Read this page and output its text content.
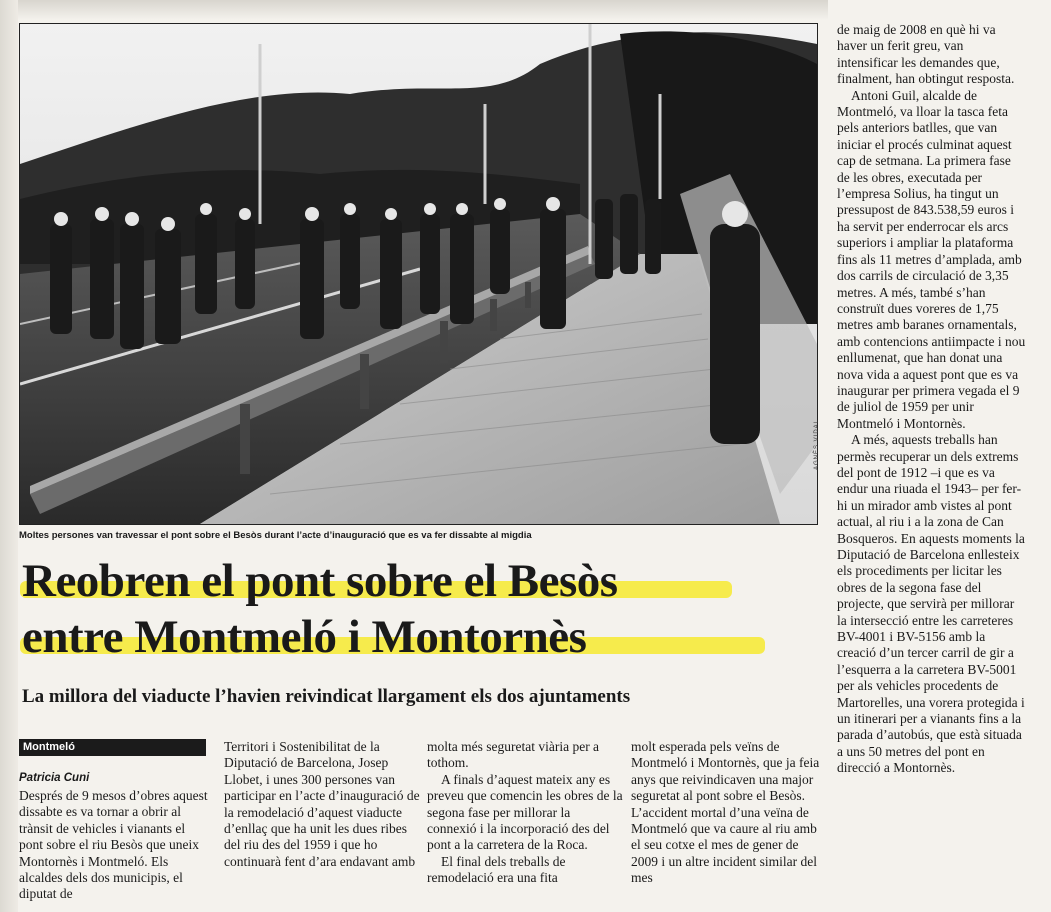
AGNÈS VIDAL
Moltes persones van travessar el pont sobre el Besòs durant l’acte d’inauguració que es va fer dissabte al migdia
Reobren el pont sobre el Besòs
entre Montmeló i Montornès
La millora del viaducte l’havien reivindicat llargament els dos ajuntaments
Montmeló
Patricia Cuni

Després de 9 mesos d’obres aquest dissabte es va tornar a obrir al trànsit de vehicles i vianants el pont sobre el riu Besòs que uneix Montornès i Montmeló. Els alcaldes dels dos municipis, el diputat de

Territori i Sostenibilitat de la Diputació de Barcelona, Josep Llobet, i unes 300 persones van participar en l’acte d’inauguració de la remodelació d’aquest viaducte d’enllaç que ha unit les dues ribes del riu des del 1959 i que ho continuarà fent d’ara endavant amb

molta més seguretat viària per a tothom.

A finals d’aquest mateix any es preveu que comencin les obres de la segona fase per millorar la connexió i la incorporació des del pont a la carretera de la Roca.

El final dels treballs de remodelació era una fita

molt esperada pels veïns de Montmeló i Montornès, que ja feia anys que reivindicaven una major seguretat al pont sobre el Besòs. L’accident mortal d’una veïna de Montmeló que va caure al riu amb el seu cotxe el mes de gener de 2009 i un altre incident similar del mes

de maig de 2008 en què hi va haver un ferit greu, van intensificar les demandes que, finalment, han obtingut resposta.

Antoni Guil, alcalde de Montmeló, va lloar la tasca feta pels anteriors batlles, que van iniciar el procés culminat aquest cap de setmana. La primera fase de les obres, executada per l’empresa Solius, ha tingut un pressupost de 843.538,59 euros i ha servit per enderrocar els arcs superiors i ampliar la plataforma fins als 11 metres d’amplada, amb dos carrils de circulació de 3,35 metres. A més, també s’han construït dues voreres de 1,75 metres amb baranes ornamentals, amb contencions antiimpacte i nou enllumenat, que han donat una nova vida a aquest pont que es va inaugurar per primera vegada el 9 de juliol de 1959 per unir Montmeló i Montornès.

A més, aquests treballs han permès recuperar un dels extrems del pont de 1912 –i que es va endur una riuada el 1943– per fer-hi un mirador amb vistes al pont actual, al riu i a la zona de Can Bosqueros. En aquests moments la Diputació de Barcelona enllesteix els procediments per licitar les obres de la segona fase del projecte, que servirà per millorar la intersecció entre les carreteres BV-4001 i BV-5156 amb la creació d’un tercer carril de gir a l’esquerra a la carretera BV-5001 per als vehicles procedents de Martorelles, una vorera protegida i un itinerari per a vianants fins a la parada d’autobús, que està situada a uns 50 metres del pont en direcció a Montornès.
